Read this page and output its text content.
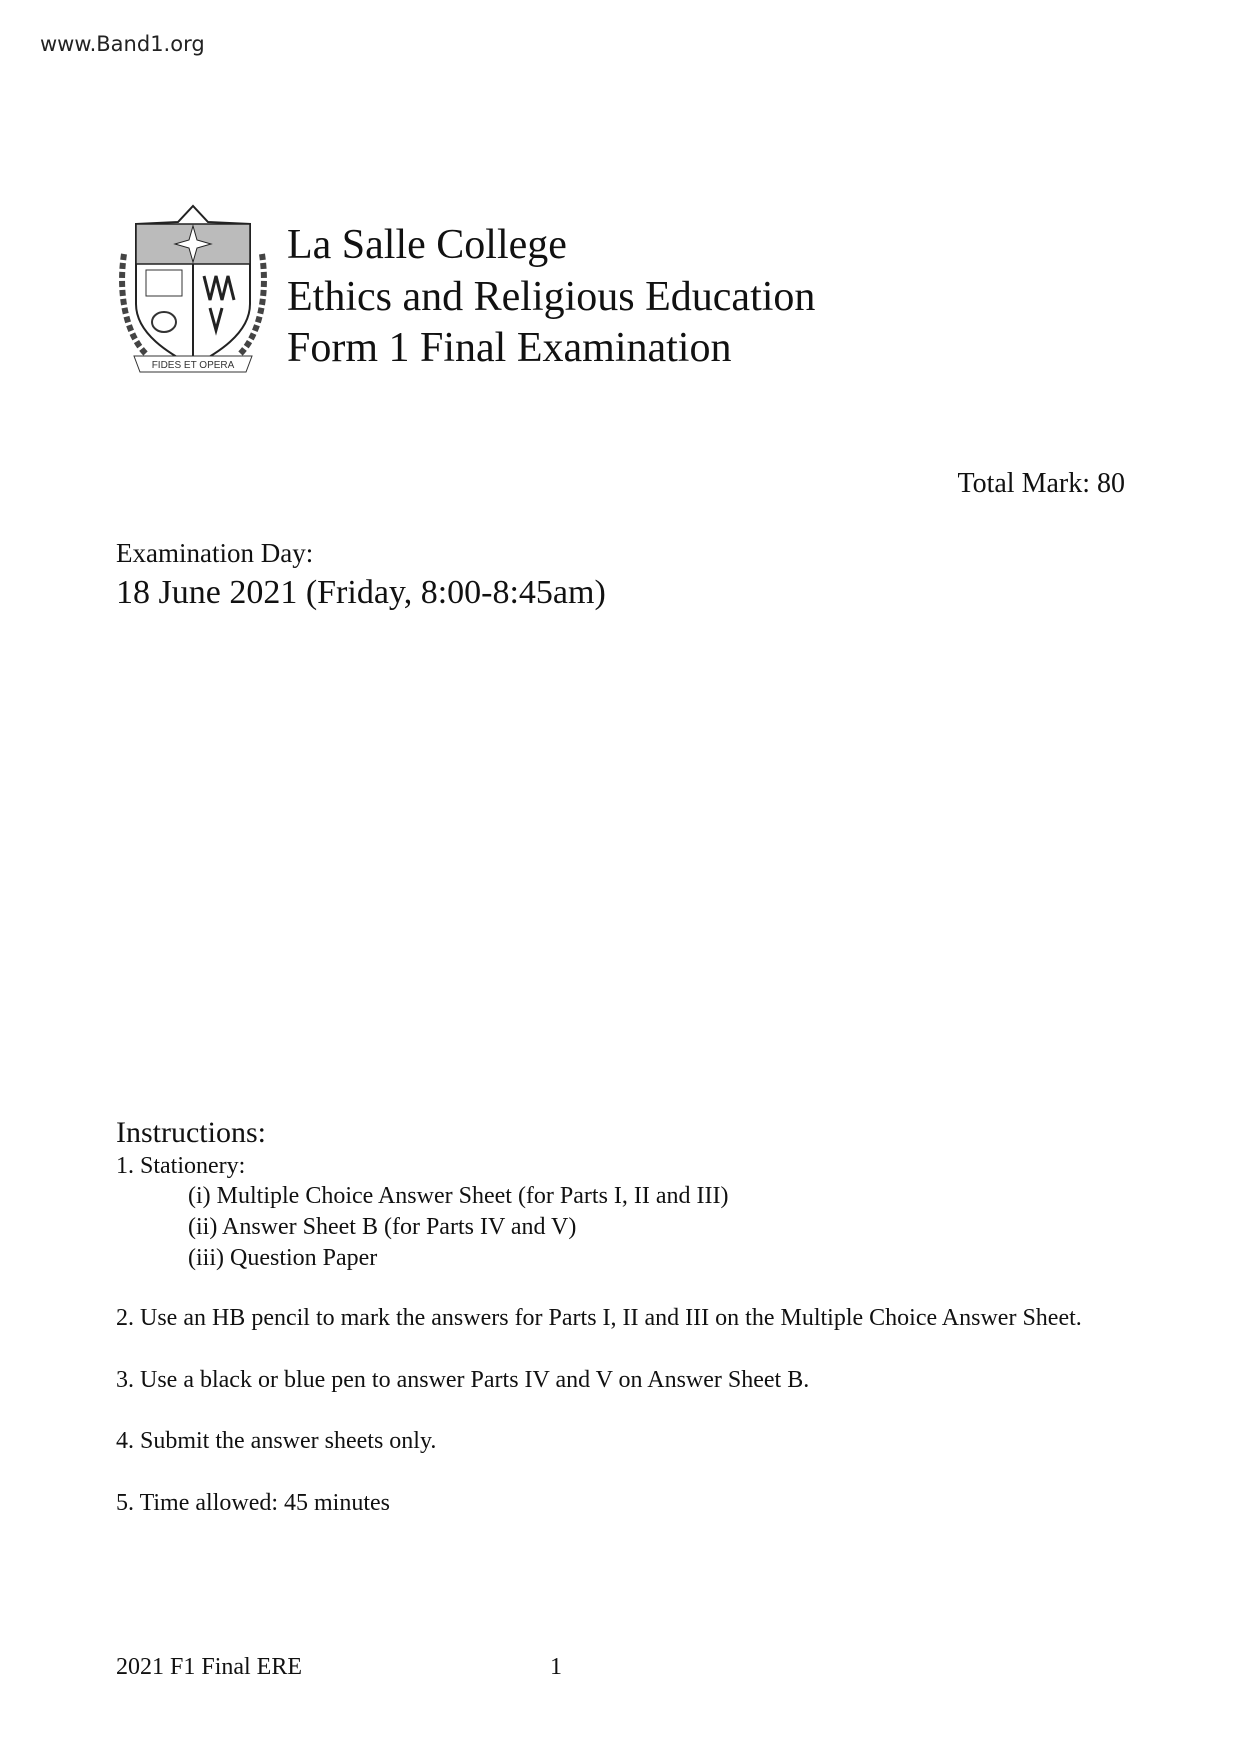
www.Band1.org
FIDES ET OPERA
La Salle College
Ethics and Religious Education
Form 1 Final Examination
Total Mark: 80
Examination Day:
18 June 2021 (Friday, 8:00-8:45am)
Instructions:
1. Stationery:
(i) Multiple Choice Answer Sheet (for Parts I, II and III)
(ii) Answer Sheet B (for Parts IV and V)
(iii) Question Paper
2. Use an HB pencil to mark the answers for Parts I, II and III on the Multiple Choice Answer Sheet.
3. Use a black or blue pen to answer Parts IV and V on Answer Sheet B.
4. Submit the answer sheets only.
5. Time allowed: 45 minutes
2021 F1 Final ERE	1
